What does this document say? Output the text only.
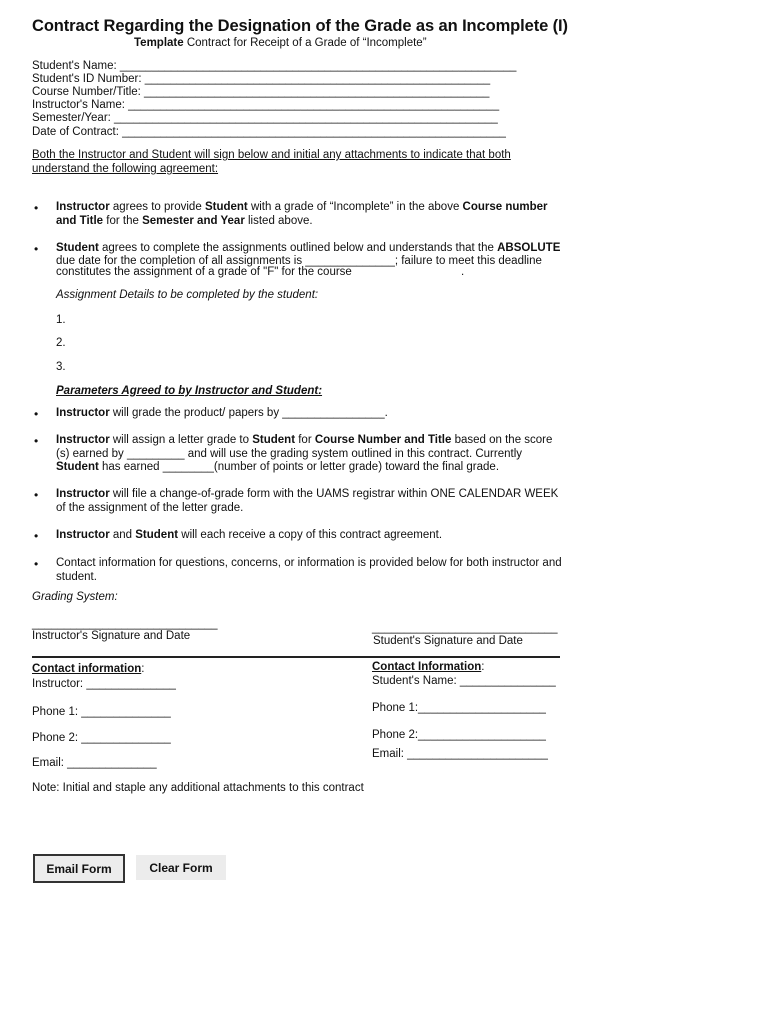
Contract Regarding the Designation of the Grade as an Incomplete (I)
Template Contract for Receipt of a Grade of “Incomplete”
Student's Name: ______________________________________________________________
Student's ID Number: ______________________________________________________
Course Number/Title: ______________________________________________________
Instructor's Name: __________________________________________________________
Semester/Year: ____________________________________________________________
Date of Contract: ____________________________________________________________
Both the Instructor and Student will sign below and initial any attachments to indicate that both
understand the following agreement:
• Instructor agrees to provide Student with a grade of “Incomplete” in the above Course number
and Title for the Semester and Year listed above.
• Student agrees to complete the assignments outlined below and understands that the ABSOLUTE
due date for the completion of all assignments is ______________; failure to meet this deadline
constitutes the assignment of a grade of "F" for the course	.
Assignment Details to be completed by the student:
1.
2.
3.
Parameters Agreed to by Instructor and Student:
• Instructor will grade the product/ papers by ________________.
• Instructor will assign a letter grade to Student for Course Number and Title based on the score
(s) earned by _________ and will use the grading system outlined in this contract. Currently
Student has earned ________(number of points or letter grade) toward the final grade.
• Instructor will file a change-of-grade form with the UAMS registrar within ONE CALENDAR WEEK
of the assignment of the letter grade.
• Instructor and Student will each receive a copy of this contract agreement.
• Contact information for questions, concerns, or information is provided below for both instructor and
student.
Grading System:
_____________________________
Instructor's Signature and Date
_____________________________
Student's Signature and Date
Contact information:
Instructor: ______________
Phone 1: ______________
Phone 2: ______________
Email: ______________
Contact Information:
Student's Name: _______________
Phone 1:____________________
Phone 2:____________________
Email: ______________________
Note: Initial and staple any additional attachments to this contract
Email Form	Clear Form
